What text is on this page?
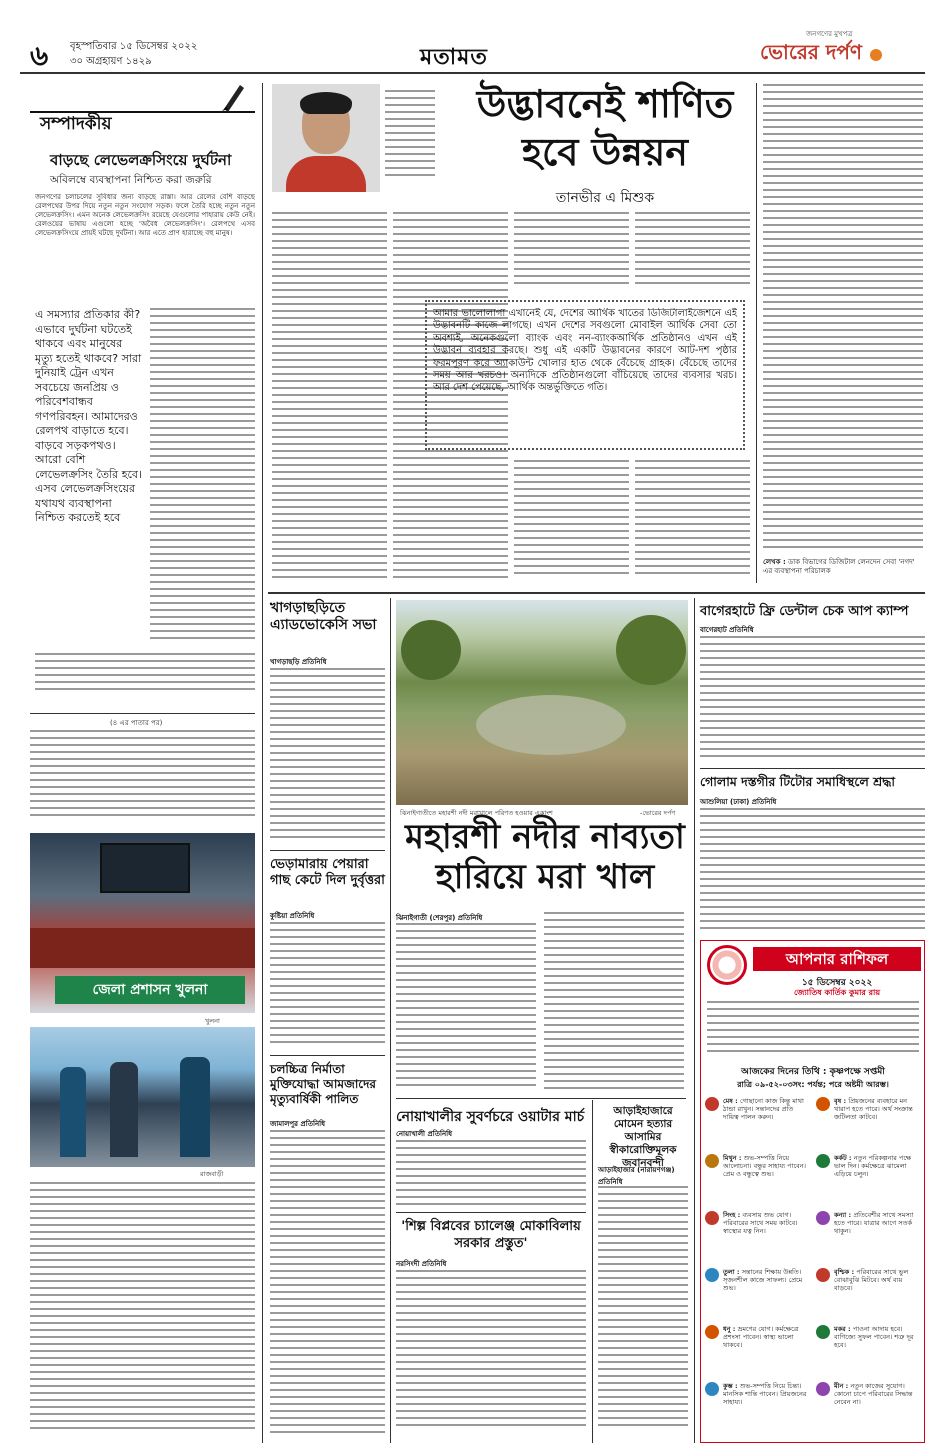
৬ বৃহস্পতিবার ১৫ ডিসেম্বর ২০২২
৩০ অগ্রহায়ণ ১৪২৯	মতামত
জনগণের মুখপত্র
ভোরের দর্পণ
সম্পাদকীয়
বাড়ছে লেভেলক্রসিংয়ে দুর্ঘটনা
অবিলম্বে ব্যবস্থাপনা নিশ্চিত করা জরুরি
জনগণের চলাচলের সুবিধার জন্য বাড়ছে রাস্তা। আর রেলের বেশি বাড়ছে রেলপথের উপর দিয়ে নতুন নতুন সংযোগ সড়ক। ফলে তৈরি হচ্ছে নতুন নতুন লেভেলক্রসিং। এমন অনেক লেভেলক্রসিং রয়েছে যেগুলোর পাহারায় কেউ নেই। রেলওয়ের ভাষায় এগুলো হচ্ছে 'অবৈধ লেভেলক্রসিং'। রেলপথে এসব লেভেলক্রসিংয়ে প্রায়ই ঘটছে দুর্ঘটনা। আর এতে প্রাণ হারাচ্ছে বহু মানুষ।
এ সমস্যার প্রতিকার কী? এভাবে দুর্ঘটনা ঘটতেই থাকবে এবং মানুষের মৃত্যু হতেই থাকবে? সারা দুনিয়াই ট্রেন এখন সবচেয়ে জনপ্রিয় ও পরিবেশবান্ধব গণপরিবহন। আমাদেরও রেলপথ বাড়াতে হবে। বাড়বে সড়কপথও। আরো বেশি লেভেলক্রসিং তৈরি হবে। এসব লেভেলক্রসিংয়ের যথাযথ ব্যবস্থাপনা নিশ্চিত করতেই হবে
(৪ এর পাতার পর)
জেলা প্রশাসন খুলনা
খুলনা
রাজবাড়ী
উদ্ভাবনেই শাণিত
হবে উন্নয়ন
তানভীর এ মিশুক
আমার ভালোলাগা এখানেই যে, দেশের আর্থিক খাতের ডিজিটালাইজেশনে এই উদ্ভাবনটি কাজে লাগছে। এখন দেশের সবগুলো মোবাইল আর্থিক সেবা তো অবশ্যই, অনেকগুলো ব্যাংক এবং নন-ব্যাংকআর্থিক প্রতিষ্ঠানও এখন এই উদ্ভাবন ব্যবহার করছে। শুধু এই একটি উদ্ভাবনের কারণে আট-দশ পৃষ্ঠার ফরমপূরণ করে অ্যাকাউন্ট খোলার হাত থেকে বেঁচেছে গ্রাহক। বেঁচেছে তাদের সময় আর খরচও। অন্যদিকে প্রতিষ্ঠানগুলো বাঁচিয়েছে তাদের ব্যবসার খরচ। আর দেশ পেয়েছে, আর্থিক অন্তর্ভুক্তিতে গতি।
লেখক : ডাক বিভাগের ডিজিটাল লেনদেন সেবা 'নগদ' এর ব্যবস্থাপনা পরিচালক
খাগড়াছড়িতে এ্যাডভোকেসি সভা
খাগড়াছড়ি প্রতিনিধি
ভেড়ামারায় পেয়ারা গাছ কেটে দিল দুর্বৃত্তরা
কুষ্টিয়া প্রতিনিধি
চলচ্চিত্র নির্মাতা মুক্তিযোদ্ধা আমজাদের মৃত্যুবার্ষিকী পালিত
জামালপুর প্রতিনিধি
ঝিনাইগাতীতে মহারশী নদী মরাখালে পরিণত হওয়ার একাংশ	-ভোরের দর্পণ
মহারশী নদীর নাব্যতা
হারিয়ে মরা খাল
ঝিনাইগাতী (শেরপুর) প্রতিনিধি
নোয়াখালীর সুবর্ণচরে ওয়াটার মার্চ
নোয়াখালী প্রতিনিধি
'শিল্প বিপ্লবের চ্যালেঞ্জ মোকাবিলায় সরকার প্রস্তুত'
নরসিংদী প্রতিনিধি
আড়াইহাজারে মোমেন হত্যার আসামির স্বীকারোক্তিমূলক জবানবন্দী
আড়াইহাজার (নারায়ণগঞ্জ) প্রতিনিধি
বাগেরহাটে ফ্রি ডেন্টাল চেক আপ ক্যাম্প
বাগেরহাট প্রতিনিধি
গোলাম দস্তগীর টিটোর সমাধিস্থলে শ্রদ্ধা
আশুলিয়া (ঢাকা) প্রতিনিধি
আপনার রাশিফল
১৫ ডিসেম্বর ২০২২
জ্যোতিষ কার্তিক কুমার রায়
আজকের দিনের তিথি : কৃষ্ণপক্ষে সপ্তমী
রাত্রি ০৯-৫২-০৩সং: পর্যন্ত; পরে অষ্টমী আরম্ভ।
মেষ : গোছানো কাজ কিন্তু মাথা ঠান্ডা রাখুন। সন্তানদের প্রতি দায়িত্ব পালন করুন।
বৃষ : প্রিয়জনের ব্যবহারে মন খারাপ হতে পারে। অর্থ সংক্রান্ত জটিলতা কাটবে।
মিথুন : শুভ-সম্পত্তি নিয়ে আলোচনা। বন্ধুর সাহায্য পাবেন। প্রেম ও বন্ধুত্বে শুভ।
কর্কট : নতুন পরিকল্পনার পক্ষে ভাল দিন। কর্মক্ষেত্রে ঝামেলা এড়িয়ে চলুন।
সিংহ : ব্যবসায় শুভ যোগ। পরিবারের সাথে সময় কাটবে। স্বাস্থ্যের যত্ন নিন।
কন্যা : প্রতিবেশীর সাথে সমস্যা হতে পারে। যাত্রার আগে সতর্ক থাকুন।
তুলা : সন্তানের শিক্ষায় উন্নতি। সৃজনশীল কাজে সাফল্য। প্রেমে শুভ।
বৃশ্চিক : পরিবারের সাথে ভুল বোঝাবুঝি মিটবে। অর্থ ব্যয় বাড়বে।
ধনু : ভ্রমণের যোগ। কর্মক্ষেত্রে প্রশংসা পাবেন। স্বাস্থ্য ভালো থাকবে।
মকর : পাওনা আদায় হবে। বাণিজ্যে সুফল পাবেন। শত্রু দূর হবে।
কুম্ভ : শুভ-সম্পত্তি নিয়ে চিন্তা। মানসিক শান্তি পাবেন। প্রিয়জনের সাহায্য।
মীন : নতুন কাজের সুযোগ। কোনো চাপে পরিবারের সিদ্ধান্ত নেবেন না।
